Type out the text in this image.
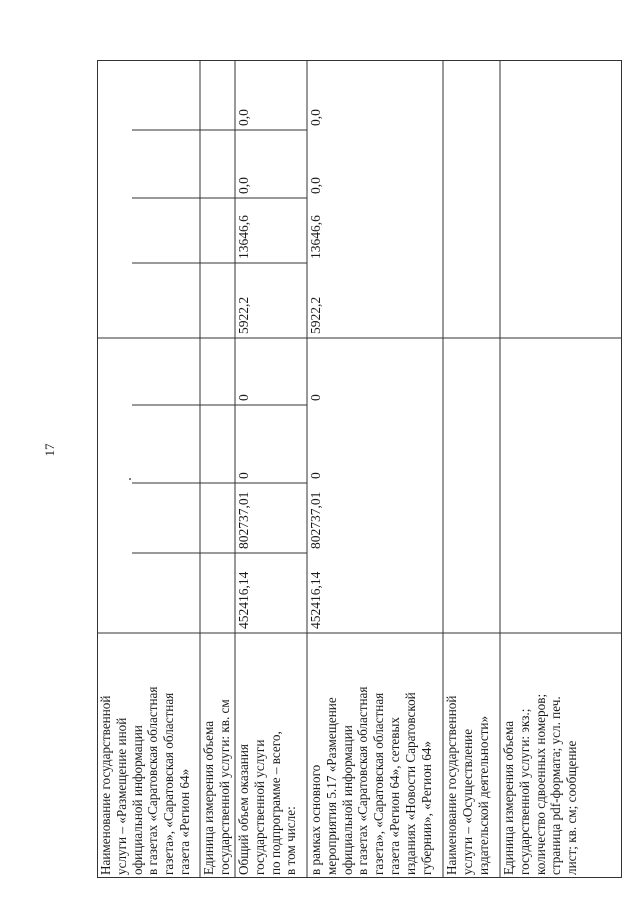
17
Наименование государственной услуги – «Размещение иной официальной информации в газетах «Саратовская областная газета», «Саратовская областная газета «Регион 64» Единица измерения объема государственной услуги: кв. см Общий объем оказания государственной услуги по подпрограмме – всего, в том числе:
452416,14
802737,01
0
0
5922,2
13646,6
0,0
0,0
в рамках основного мероприятия 5.17 «Размещение официальной информации в газетах «Саратовская областная газета», «Саратовская областная газета «Регион 64», сетевых изданиях «Новости Саратовской губернии», «Регион 64»
452416,14
802737,01
0
0
5922,2
13646,6
0,0
0,0
Наименование государственной услуги – «Осуществление издательской деятельности» Единица измерения объема государственной услуги: экз.; количество сдвоенных номеров; страница pdf-формата; усл. печ. лист; кв. см; сообщение
